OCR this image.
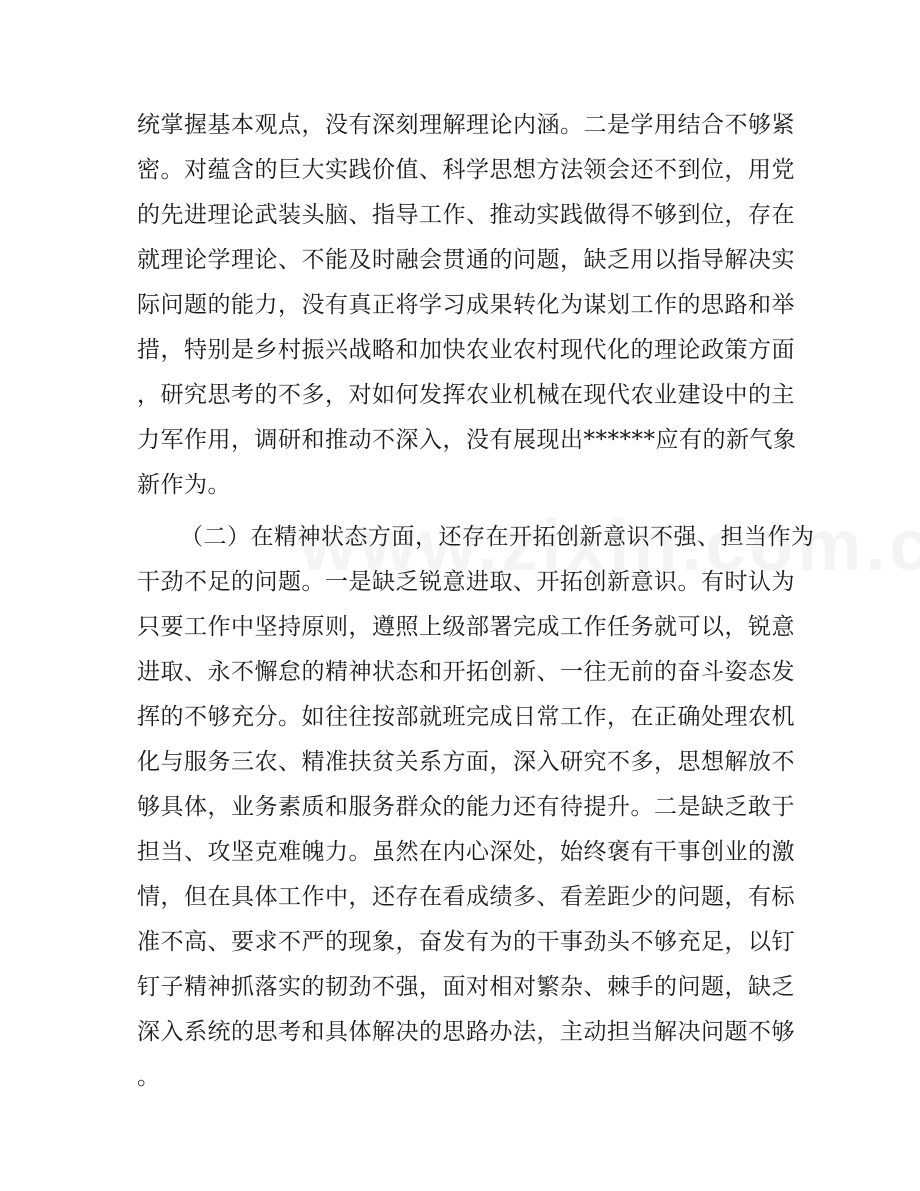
统掌握基本观点，没有深刻理解理论内涵。二是学用结合不够紧
密。对蕴含的巨大实践价值、科学思想方法领会还不到位，用党
的先进理论武装头脑、指导工作、推动实践做得不够到位，存在
就理论学理论、不能及时融会贯通的问题，缺乏用以指导解决实
际问题的能力，没有真正将学习成果转化为谋划工作的思路和举
措，特别是乡村振兴战略和加快农业农村现代化的理论政策方面
，研究思考的不多，对如何发挥农业机械在现代农业建设中的主
力军作用，调研和推动不深入，没有展现出******应有的新气象
新作为。
（二）在精神状态方面，还存在开拓创新意识不强、担当作为
干劲不足的问题。一是缺乏锐意进取、开拓创新意识。有时认为
只要工作中坚持原则，遵照上级部署完成工作任务就可以，锐意
进取、永不懈怠的精神状态和开拓创新、一往无前的奋斗姿态发
挥的不够充分。如往往按部就班完成日常工作，在正确处理农机
化与服务三农、精准扶贫关系方面，深入研究不多，思想解放不
够具体，业务素质和服务群众的能力还有待提升。二是缺乏敢于
担当、攻坚克难魄力。虽然在内心深处，始终褒有干事创业的激
情，但在具体工作中，还存在看成绩多、看差距少的问题，有标
准不高、要求不严的现象，奋发有为的干事劲头不够充足，以钉
钉子精神抓落实的韧劲不强，面对相对繁杂、棘手的问题，缺乏
深入系统的思考和具体解决的思路办法，主动担当解决问题不够
。
